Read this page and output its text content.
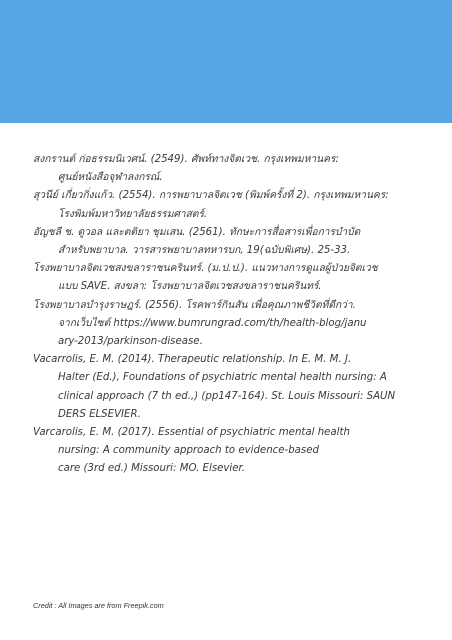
สงกรานต์ ก่อธรรมนิเวศน์. (2549). ศัพท์ทางจิตเวช. กรุงเทพมหานคร:
ศูนย์หนังสือจุฬาลงกรณ์.
สุวนีย์ เกี่ยวกิ่งแก้ว. (2554). การพยาบาลจิตเวช (พิมพ์ครั้งที่ 2). กรุงเทพมหานคร:
โรงพิมพ์มหาวิทยาลัยธรรมศาสตร์.
อัญชลี ช. ดูวอล และตติยา ชุมเสน. (2561). ทักษะการสื่อสารเพื่อการบำบัด
สำหรับพยาบาล. วารสารพยาบาลทหารบก, 19(ฉบับพิเศษ). 25-33.
โรงพยาบาลจิตเวชสงขลาราชนครินทร์. (ม.ป.ป.). แนวทางการดูแลผู้ป่วยจิตเวช
แบบ SAVE. สงขลา: โรงพยาบาลจิตเวชสงขลาราชนครินทร์.
โรงพยาบาลบำรุงราษฎร์. (2556). โรคพาร์กินสัน เพื่อคุณภาพชีวิตที่ดีกว่า.
จากเว็บไซต์ https://www.bumrungrad.com/th/health-blog/janu
ary-2013/parkinson-disease.
Vacarrolis, E. M. (2014). Therapeutic relationship. In E. M. M. J.
Halter (Ed.), Foundations of psychiatric mental health nursing: A
clinical approach (7 th ed.,) (pp147-164). St. Louis Missouri: SAUN
DERS ELSEVIER.
Varcarolis, E. M. (2017). Essential of psychiatric mental health
nursing: A community approach to evidence-based
care (3rd ed.) Missouri: MO. Elsevier.
Credit : All Images are from Freepik.com
